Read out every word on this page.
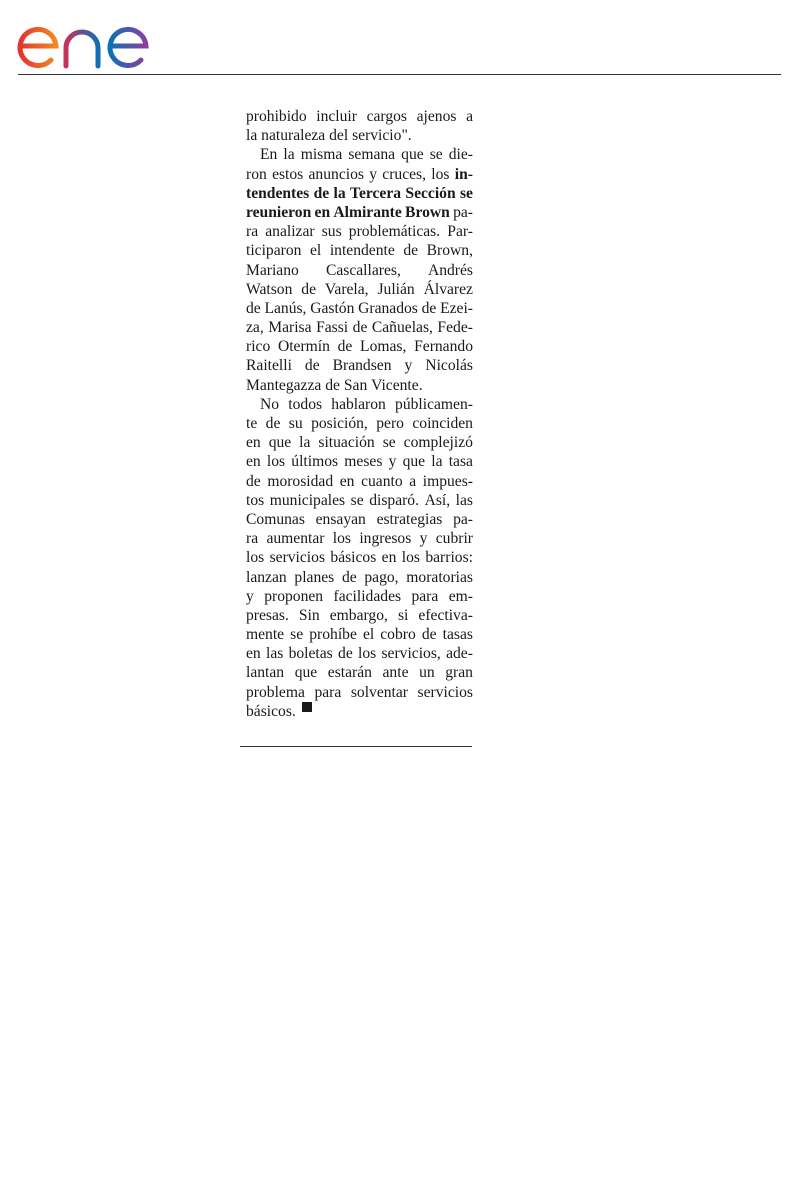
prohibido incluir cargos ajenos a
la naturaleza del servicio".
En la misma semana que se die-
ron estos anuncios y cruces, los in-
tendentes de la Tercera Sección se
reunieron en Almirante Brown pa-
ra analizar sus problemáticas. Par-
ticiparon el intendente de Brown,
Mariano Cascallares, Andrés
Watson de Varela, Julián Álvarez
de Lanús, Gastón Granados de Ezei-
za, Marisa Fassi de Cañuelas, Fede-
rico Otermín de Lomas, Fernando
Raitelli de Brandsen y Nicolás
Mantegazza de San Vicente.
No todos hablaron públicamen-
te de su posición, pero coinciden
en que la situación se complejizó
en los últimos meses y que la tasa
de morosidad en cuanto a impues-
tos municipales se disparó. Así, las
Comunas ensayan estrategias pa-
ra aumentar los ingresos y cubrir
los servicios básicos en los barrios:
lanzan planes de pago, moratorias
y proponen facilidades para em-
presas. Sin embargo, si efectiva-
mente se prohíbe el cobro de tasas
en las boletas de los servicios, ade-
lantan que estarán ante un gran
problema para solventar servicios
básicos.
